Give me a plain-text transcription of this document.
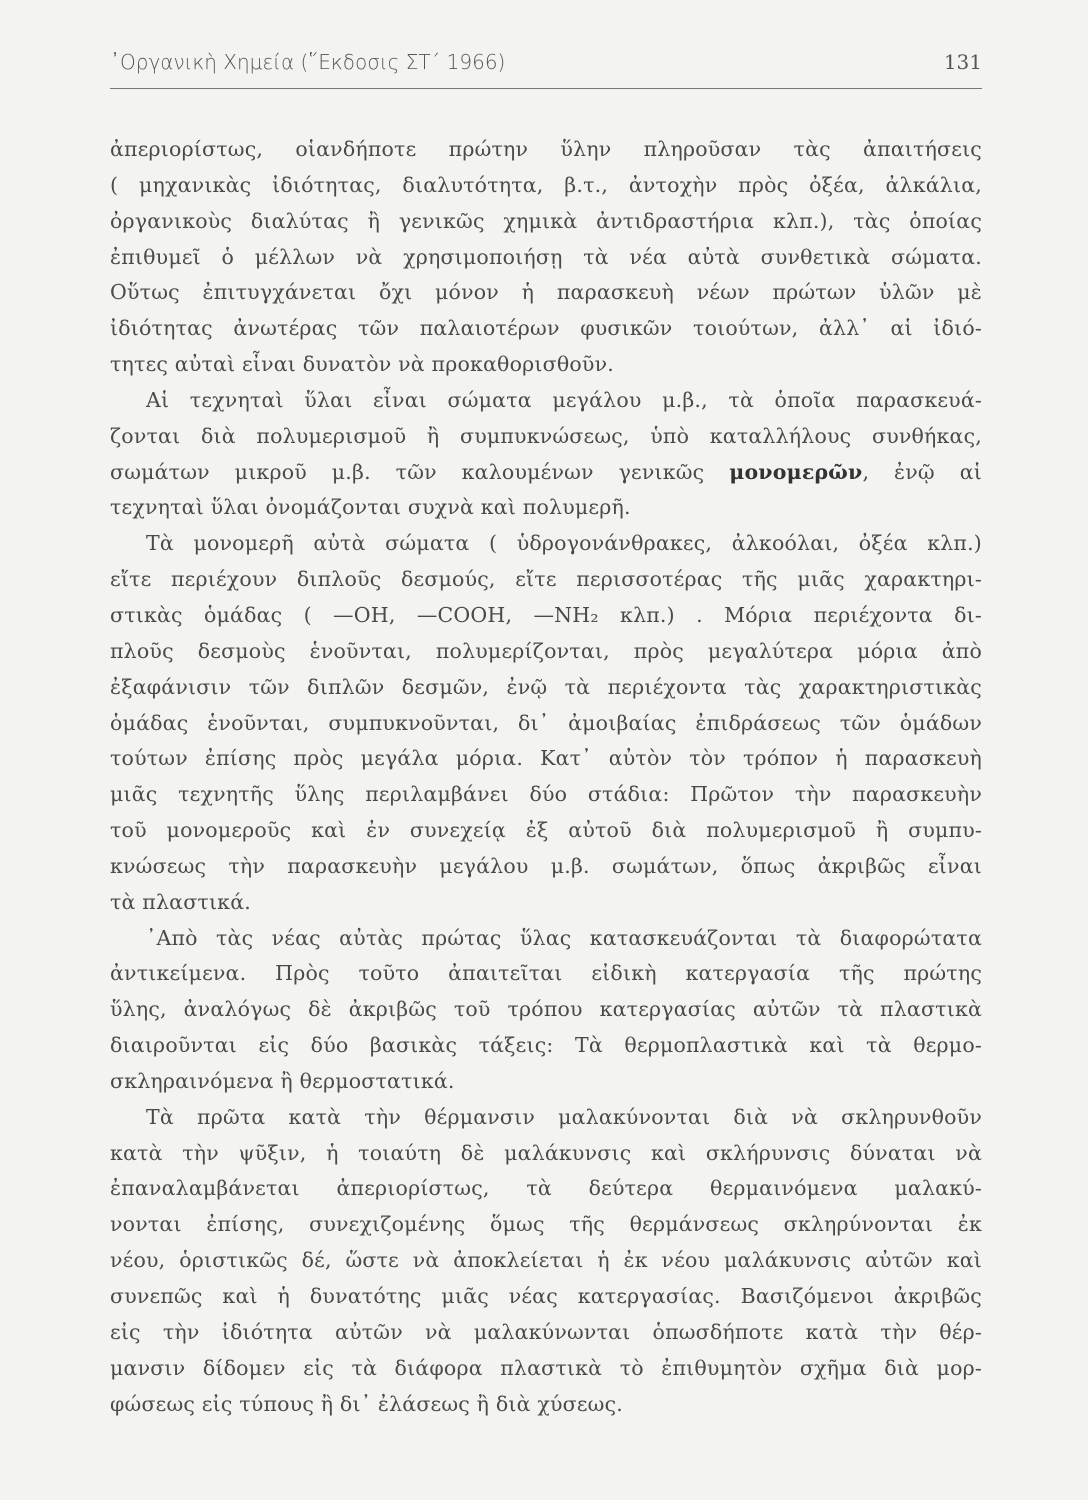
᾿Οργανικὴ Χημεία (῞Εκδοσις ΣΤ΄ 1966)	131
ἀπεριορίστως, οἱανδήποτε πρώτην ὕλην πληροῦσαν τὰς ἀπαιτήσεις
( μηχανικὰς ἰδιότητας, διαλυτότητα, β.τ., ἀντοχὴν πρὸς ὀξέα, ἀλκάλια,
ὀργανικοὺς διαλύτας ἢ γενικῶς χημικὰ ἀντιδραστήρια κλπ.), τὰς ὁποίας
ἐπιθυμεῖ ὁ μέλλων νὰ χρησιμοποιήσῃ τὰ νέα αὐτὰ συνθετικὰ σώματα.
Οὕτως ἐπιτυγχάνεται ὄχι μόνον ἡ παρασκευὴ νέων πρώτων ὑλῶν μὲ
ἰδιότητας ἀνωτέρας τῶν παλαιοτέρων φυσικῶν τοιούτων, ἀλλ᾿ αἱ ἰδιό-
τητες αὐταὶ εἶναι δυνατὸν νὰ προκαθορισθοῦν.
Αἱ τεχνηταὶ ὕλαι εἶναι σώματα μεγάλου μ.β., τὰ ὁποῖα παρασκευά-
ζονται διὰ πολυμερισμοῦ ἢ συμπυκνώσεως, ὑπὸ καταλλήλους συνθήκας,
σωμάτων μικροῦ μ.β. τῶν καλουμένων γενικῶς μονομερῶν, ἐνῷ αἱ
τεχνηταὶ ὕλαι ὀνομάζονται συχνὰ καὶ πολυμερῆ.
Τὰ μονομερῆ αὐτὰ σώματα ( ὑδρογονάνθρακες, ἀλκοόλαι, ὀξέα κλπ.)
εἴτε περιέχουν διπλοῦς δεσμούς, εἴτε περισσοτέρας τῆς μιᾶς χαρακτηρι-
στικὰς ὁμάδας ( —OH, —COOH, —NH₂ κλπ.) . Μόρια περιέχοντα δι-
πλοῦς δεσμοὺς ἑνοῦνται, πολυμερίζονται, πρὸς μεγαλύτερα μόρια ἀπὸ
ἐξαφάνισιν τῶν διπλῶν δεσμῶν, ἐνῷ τὰ περιέχοντα τὰς χαρακτηριστικὰς
ὁμάδας ἑνοῦνται, συμπυκνοῦνται, δι᾿ ἀμοιβαίας ἐπιδράσεως τῶν ὁμάδων
τούτων ἐπίσης πρὸς μεγάλα μόρια. Κατ᾿ αὐτὸν τὸν τρόπον ἡ παρασκευὴ
μιᾶς τεχνητῆς ὕλης περιλαμβάνει δύο στάδια: Πρῶτον τὴν παρασκευὴν
τοῦ μονομεροῦς καὶ ἐν συνεχείᾳ ἐξ αὐτοῦ διὰ πολυμερισμοῦ ἢ συμπυ-
κνώσεως τὴν παρασκευὴν μεγάλου μ.β. σωμάτων, ὅπως ἀκριβῶς εἶναι
τὰ πλαστικά.
᾿Απὸ τὰς νέας αὐτὰς πρώτας ὕλας κατασκευάζονται τὰ διαφορώτατα
ἀντικείμενα. Πρὸς τοῦτο ἀπαιτεῖται εἰδικὴ κατεργασία τῆς πρώτης
ὕλης, ἀναλόγως δὲ ἀκριβῶς τοῦ τρόπου κατεργασίας αὐτῶν τὰ πλαστικὰ
διαιροῦνται εἰς δύο βασικὰς τάξεις: Τὰ θερμοπλαστικὰ καὶ τὰ θερμο-
σκληραινόμενα ἢ θερμοστατικά.
Τὰ πρῶτα κατὰ τὴν θέρμανσιν μαλακύνονται διὰ νὰ σκληρυνθοῦν
κατὰ τὴν ψῦξιν, ἡ τοιαύτη δὲ μαλάκυνσις καὶ σκλήρυνσις δύναται νὰ
ἐπαναλαμβάνεται ἀπεριορίστως, τὰ δεύτερα θερμαινόμενα μαλακύ-
νονται ἐπίσης, συνεχιζομένης ὅμως τῆς θερμάνσεως σκληρύνονται ἐκ
νέου, ὁριστικῶς δέ, ὥστε νὰ ἀποκλείεται ἡ ἐκ νέου μαλάκυνσις αὐτῶν καὶ
συνεπῶς καὶ ἡ δυνατότης μιᾶς νέας κατεργασίας. Βασιζόμενοι ἀκριβῶς
εἰς τὴν ἰδιότητα αὐτῶν νὰ μαλακύνωνται ὁπωσδήποτε κατὰ τὴν θέρ-
μανσιν δίδομεν εἰς τὰ διάφορα πλαστικὰ τὸ ἐπιθυμητὸν σχῆμα διὰ μορ-
φώσεως εἰς τύπους ἢ δι᾿ ἐλάσεως ἢ διὰ χύσεως.
